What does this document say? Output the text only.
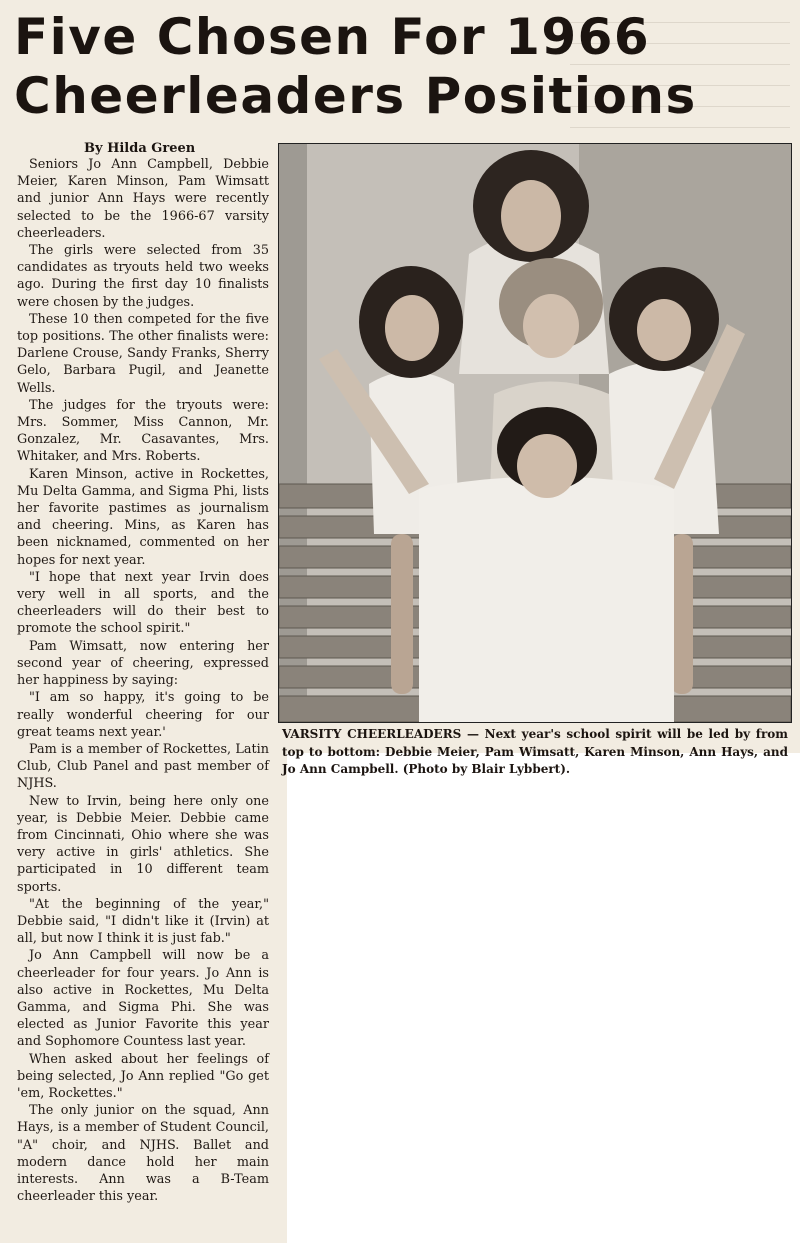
Five Chosen For 1966
Cheerleaders Positions
By Hilda Green

Seniors Jo Ann Campbell, Debbie Meier, Karen Minson, Pam Wimsatt and junior Ann Hays were recently selected to be the 1966-67 varsity cheerleaders.

The girls were selected from 35 candidates as tryouts held two weeks ago. During the first day 10 finalists were chosen by the judges.

These 10 then competed for the five top positions. The other finalists were: Darlene Crouse, Sandy Franks, Sherry Gelo, Barbara Pugil, and Jeanette Wells.

The judges for the tryouts were: Mrs. Sommer, Miss Cannon, Mr. Gonzalez, Mr. Casavantes, Mrs. Whitaker, and Mrs. Roberts.

Karen Minson, active in Rockettes, Mu Delta Gamma, and Sigma Phi, lists her favorite pastimes as journalism and cheering. Mins, as Karen has been nicknamed, commented on her hopes for next year.

"I hope that next year Irvin does very well in all sports, and the cheerleaders will do their best to promote the school spirit."

Pam Wimsatt, now entering her second year of cheering, expressed her happiness by saying:

"I am so happy, it's going to be really wonderful cheering for our great teams next year.'

Pam is a member of Rockettes, Latin Club, Club Panel and past member of NJHS.

New to Irvin, being here only one year, is Debbie Meier. Debbie came from Cincinnati, Ohio where she was very active in girls' athletics. She participated in 10 different team sports.

"At the beginning of the year," Debbie said, "I didn't like it (Irvin) at all, but now I think it is just fab."

Jo Ann Campbell will now be a cheerleader for four years. Jo Ann is also active in Rockettes, Mu Delta Gamma, and Sigma Phi. She was elected as Junior Favorite this year and Sophomore Countess last year.

When asked about her feelings of being selected, Jo Ann replied "Go get 'em, Rockettes."

The only junior on the squad, Ann Hays, is a member of Student Council, "A" choir, and NJHS. Ballet and modern dance hold her main interests. Ann was a B-Team cheerleader this year.

VARSITY CHEERLEADERS — Next year's school spirit will be led by from top to bottom: Debbie Meier, Pam Wimsatt, Karen Minson, Ann Hays, and Jo Ann Campbell. (Photo by Blair Lybbert).
